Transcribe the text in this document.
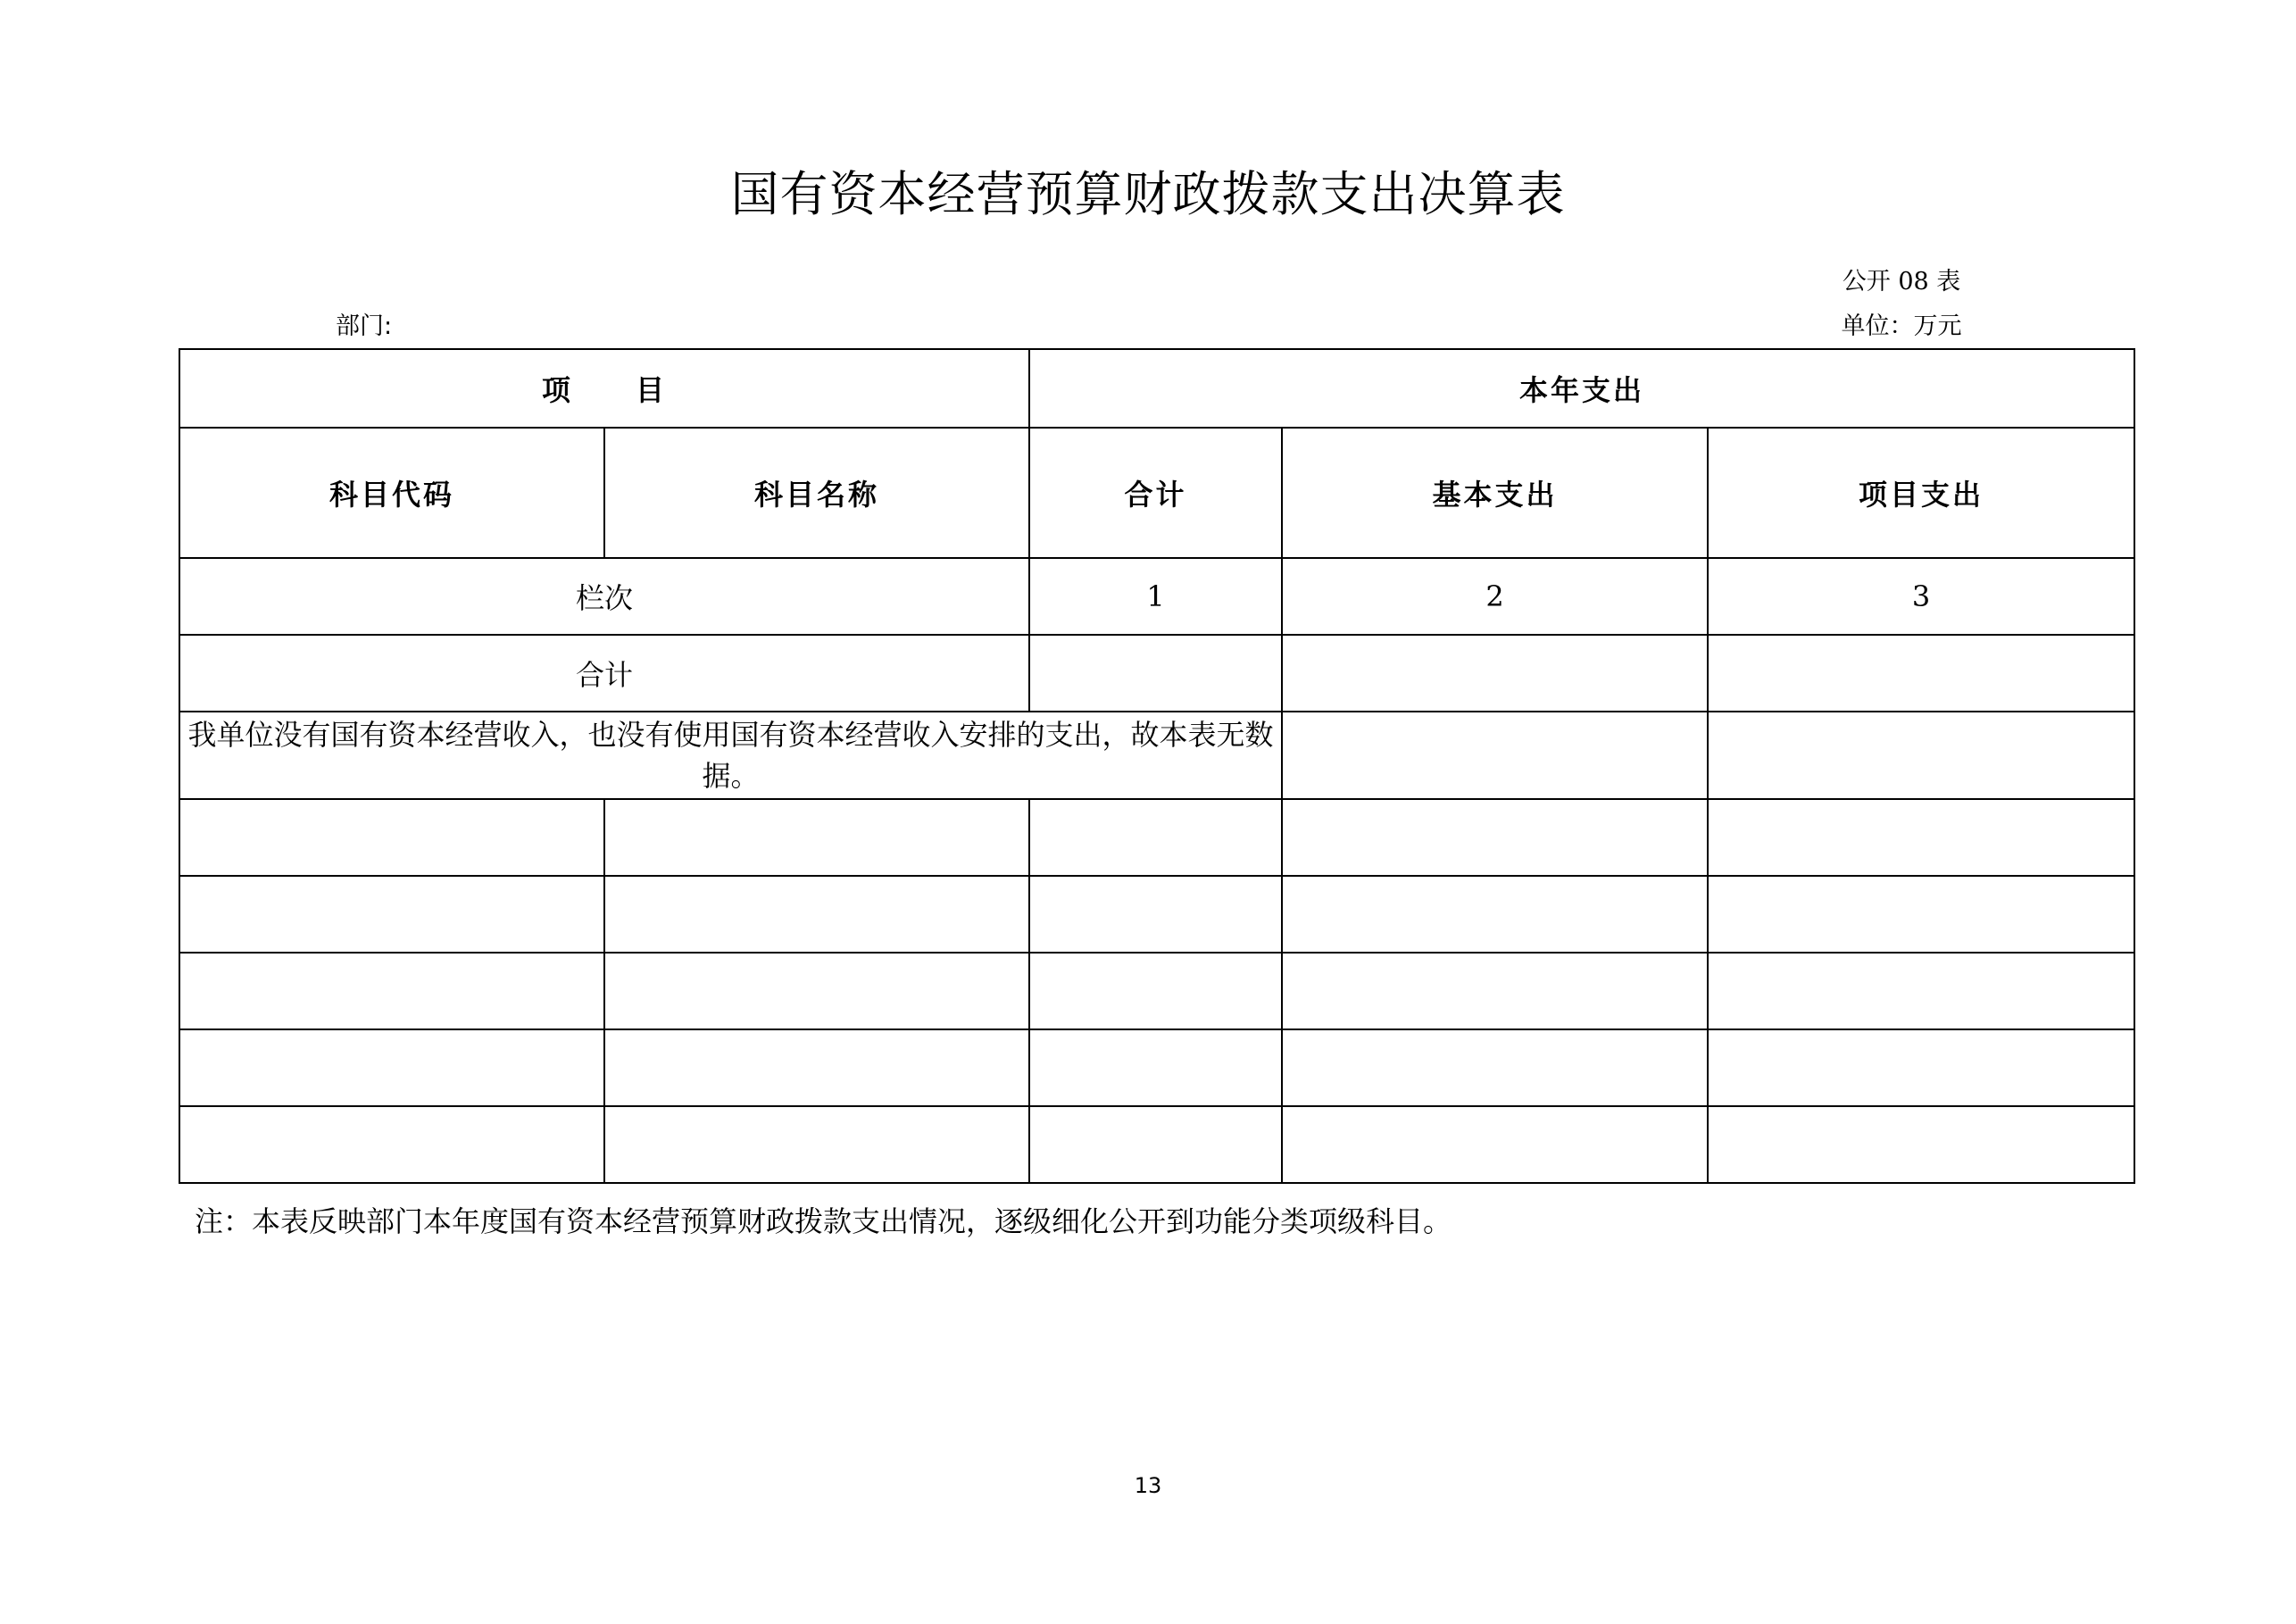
国有资本经营预算财政拨款支出决算表
公开 08 表
部门:	单位：万元
项　　目		本年支出		
科目代码	科目名称	合计	基本支出	项目支出
栏次		1	2	3
合计				
我单位没有国有资本经营收入，也没有使用国有资本经营收入安排的支出，故本表无数据。				

注：本表反映部门本年度国有资本经营预算财政拨款支出情况，逐级细化公开到功能分类项级科目。
13
